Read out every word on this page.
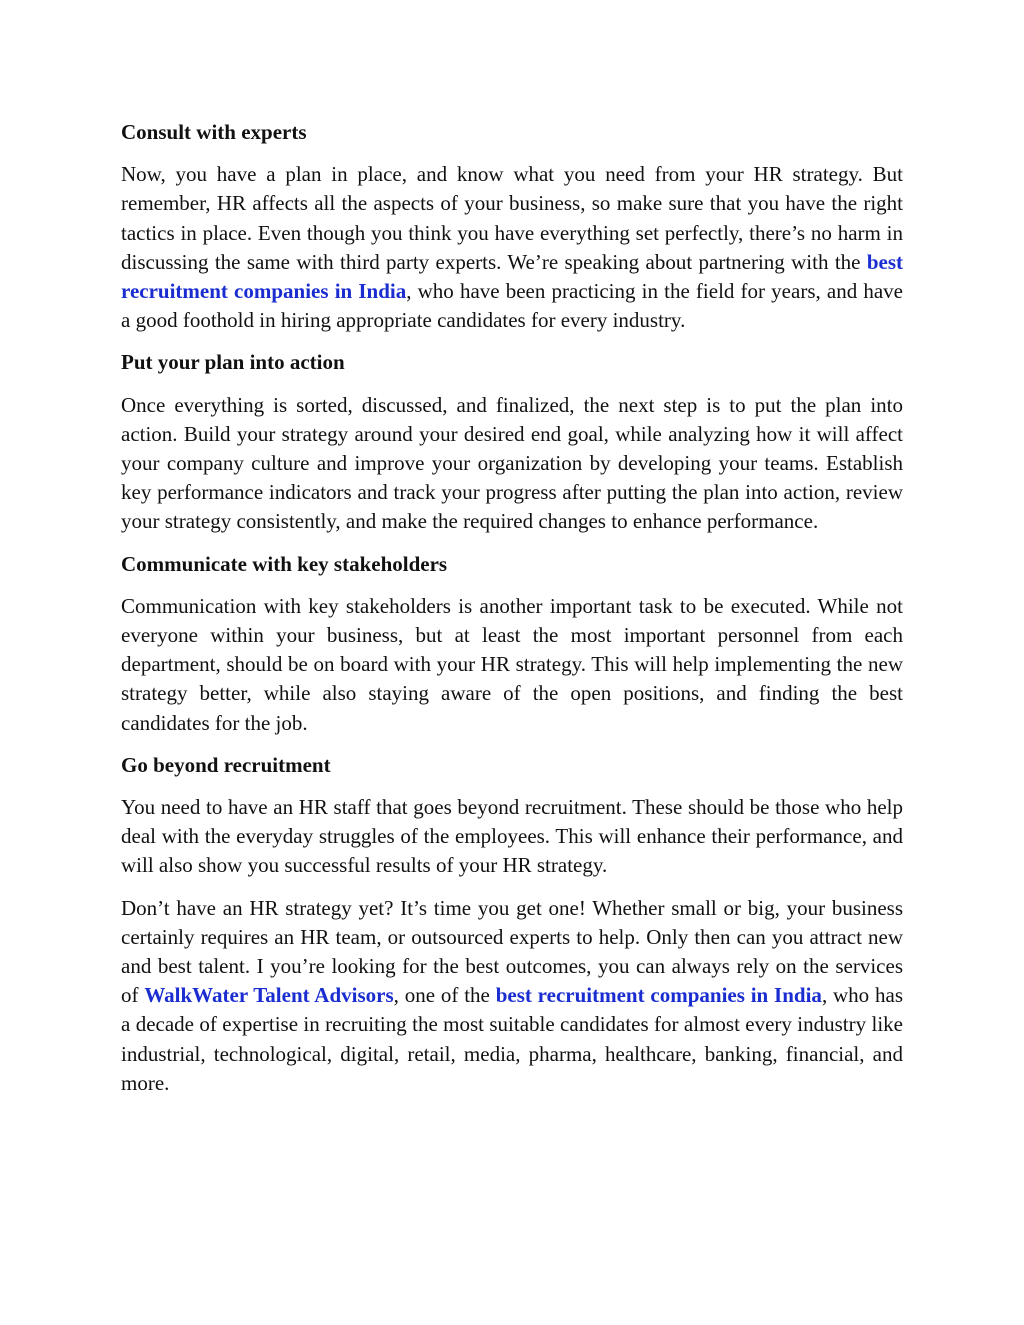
Consult with experts
Now, you have a plan in place, and know what you need from your HR strategy. But remember, HR affects all the aspects of your business, so make sure that you have the right tactics in place. Even though you think you have everything set perfectly, there’s no harm in discussing the same with third party experts. We’re speaking about partnering with the best recruitment companies in India, who have been practicing in the field for years, and have a good foothold in hiring appropriate candidates for every industry.
Put your plan into action
Once everything is sorted, discussed, and finalized, the next step is to put the plan into action. Build your strategy around your desired end goal, while analyzing how it will affect your company culture and improve your organization by developing your teams. Establish key performance indicators and track your progress after putting the plan into action, review your strategy consistently, and make the required changes to enhance performance.
Communicate with key stakeholders
Communication with key stakeholders is another important task to be executed. While not everyone within your business, but at least the most important personnel from each department, should be on board with your HR strategy. This will help implementing the new strategy better, while also staying aware of the open positions, and finding the best candidates for the job.
Go beyond recruitment
You need to have an HR staff that goes beyond recruitment. These should be those who help deal with the everyday struggles of the employees. This will enhance their performance, and will also show you successful results of your HR strategy.
Don’t have an HR strategy yet? It’s time you get one! Whether small or big, your business certainly requires an HR team, or outsourced experts to help. Only then can you attract new and best talent. I you’re looking for the best outcomes, you can always rely on the services of WalkWater Talent Advisors, one of the best recruitment companies in India, who has a decade of expertise in recruiting the most suitable candidates for almost every industry like industrial, technological, digital, retail, media, pharma, healthcare, banking, financial, and more.
